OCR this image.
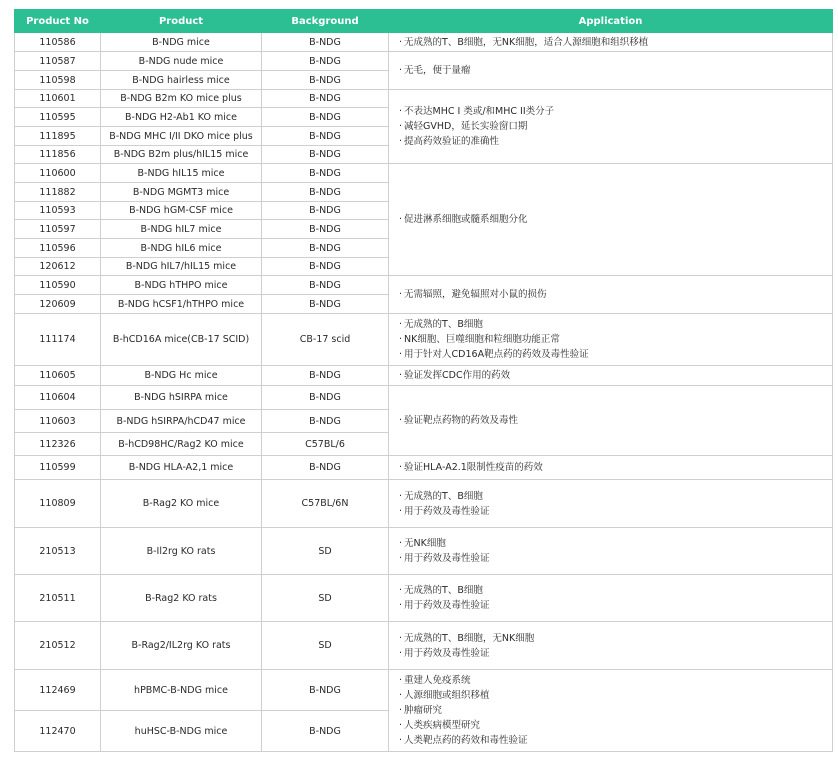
Product No	Product	Background	Application
110586	B-NDG mice	B-NDG	· 无成熟的T、B细胞，无NK细胞，适合人源细胞和组织移植

110587	B-NDG nude mice	B-NDG	· 无毛，便于量瘤

110598	B-NDG hairless mice	B-NDG	
110601	B-NDG B2m KO mice plus	B-NDG	· 不表达MHC I 类或/和MHC II类分子
· 减轻GVHD，延长实验窗口期
· 提高药效验证的准确性

110595	B-NDG H2-Ab1 KO mice	B-NDG	
111895	B-NDG MHC I/II DKO mice plus	B-NDG	
111856	B-NDG B2m plus/hIL15 mice	B-NDG	
110600	B-NDG hIL15 mice	B-NDG	· 促进淋系细胞或髓系细胞分化

111882	B-NDG MGMT3 mice	B-NDG	
110593	B-NDG hGM-CSF mice	B-NDG	
110597	B-NDG hIL7 mice	B-NDG	
110596	B-NDG hIL6 mice	B-NDG	
120612	B-NDG hIL7/hIL15 mice	B-NDG	
110590	B-NDG hTHPO mice	B-NDG	· 无需辐照，避免辐照对小鼠的损伤

120609	B-NDG hCSF1/hTHPO mice	B-NDG	
111174	B-hCD16A mice(CB-17 SCID)	CB-17 scid	· 无成熟的T、B细胞
· NK细胞、巨噬细胞和粒细胞功能正常
· 用于针对人CD16A靶点药的药效及毒性验证

110605	B-NDG Hc mice	B-NDG	· 验证发挥CDC作用的药效

110604	B-NDG hSIRPA mice	B-NDG	· 验证靶点药物的药效及毒性

110603	B-NDG hSIRPA/hCD47 mice	B-NDG	
112326	B-hCD98HC/Rag2 KO mice	C57BL/6	
110599	B-NDG HLA-A2,1 mice	B-NDG	· 验证HLA-A2.1限制性疫苗的药效

110809	B-Rag2 KO mice	C57BL/6N	· 无成熟的T、B细胞
· 用于药效及毒性验证

210513	B-Il2rg KO rats	SD	· 无NK细胞
· 用于药效及毒性验证

210511	B-Rag2 KO rats	SD	· 无成熟的T、B细胞
· 用于药效及毒性验证

210512	B-Rag2/IL2rg KO rats	SD	· 无成熟的T、B细胞，无NK细胞
· 用于药效及毒性验证

112469	hPBMC-B-NDG mice	B-NDG	· 重建人免疫系统
· 人源细胞或组织移植
· 肿瘤研究
· 人类疾病模型研究
· 人类靶点药的药效和毒性验证

112470	huHSC-B-NDG mice	B-NDG	
